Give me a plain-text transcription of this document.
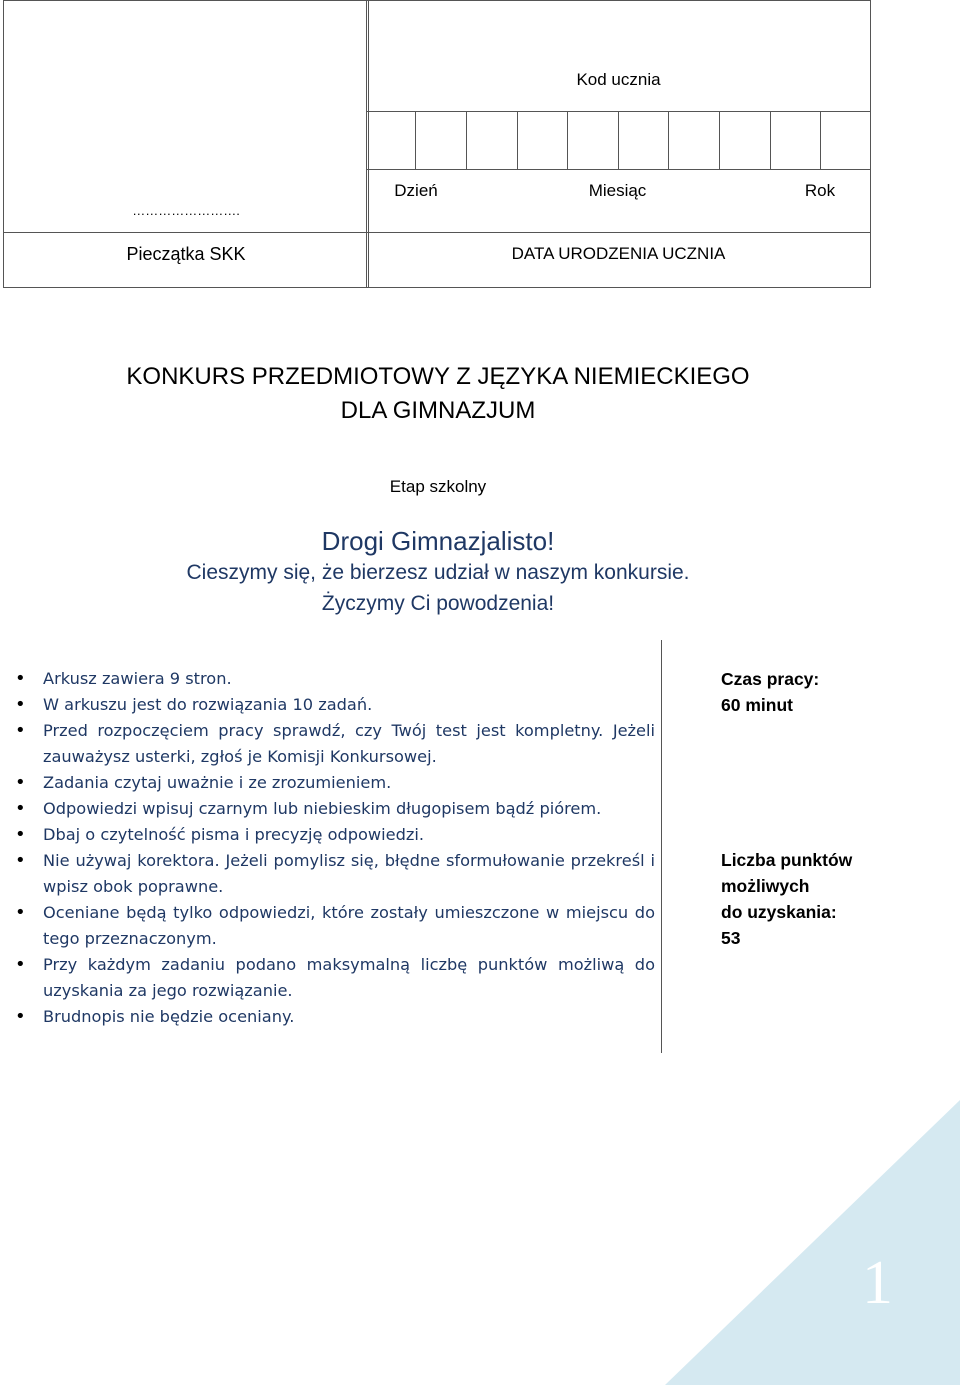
Kod ucznia
…………………….
Dzień	Miesiąc	Rok
Pieczątka SKK	DATA URODZENIA UCZNIA
KONKURS PRZEDMIOTOWY Z JĘZYKA NIEMIECKIEGO
DLA GIMNAZJUM
Etap szkolny
Drogi Gimnazjalisto!
Cieszymy się, że bierzesz udział w naszym konkursie.
Życzymy Ci powodzenia!
• Arkusz zawiera 9 stron.
• W arkuszu jest do rozwiązania 10 zadań.
• Przed rozpoczęciem pracy sprawdź, czy Twój test jest kompletny. Jeżeli zauważysz usterki, zgłoś je Komisji Konkursowej.
• Zadania czytaj uważnie i ze zrozumieniem.
• Odpowiedzi wpisuj czarnym lub niebieskim długopisem bądź piórem.
• Dbaj o czytelność pisma i precyzję odpowiedzi.
• Nie używaj korektora. Jeżeli pomylisz się, błędne sformułowanie przekreśl i wpisz obok poprawne.
• Oceniane będą tylko odpowiedzi, które zostały umieszczone w miejscu do tego przeznaczonym.
• Przy każdym zadaniu podano maksymalną liczbę punktów możliwą do uzyskania za jego rozwiązanie.
• Brudnopis nie będzie oceniany.
Czas pracy:
60 minut
Liczba punktów
możliwych
do uzyskania:
53
1
